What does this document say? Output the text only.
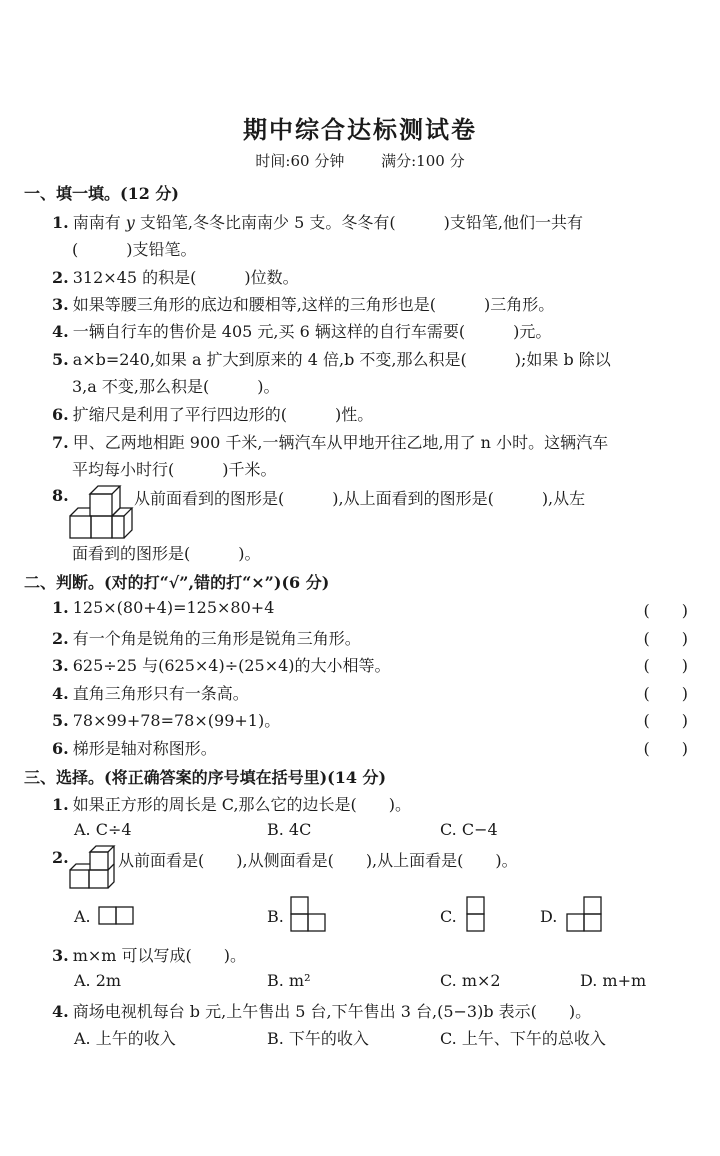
期中综合达标测试卷
时间:60 分钟 满分:100 分
一、填一填。(12 分)
1. 南南有 y 支铅笔,冬冬比南南少 5 支。冬冬有(　　　)支铅笔,他们一共有
(　　　)支铅笔。
2. 312×45 的积是(　　　)位数。
3. 如果等腰三角形的底边和腰相等,这样的三角形也是(　　　)三角形。
4. 一辆自行车的售价是 405 元,买 6 辆这样的自行车需要(　　　)元。
5. a×b=240,如果 a 扩大到原来的 4 倍,b 不变,那么积是(　　　);如果 b 除以
3,a 不变,那么积是(　　　)。
6. 扩缩尺是利用了平行四边形的(　　　)性。
7. 甲、乙两地相距 900 千米,一辆汽车从甲地开往乙地,用了 n 小时。这辆汽车
平均每小时行(　　　)千米。
8.	从前面看到的图形是(　　　),从上面看到的图形是(　　　),从左
面看到的图形是(　　　)。
二、判断。(对的打“√”,错的打“×”)(6 分)
1. 125×(80+4)=125×80+4	(　　)
2. 有一个角是锐角的三角形是锐角三角形。	(　　)
3. 625÷25 与(625×4)÷(25×4)的大小相等。	(　　)
4. 直角三角形只有一条高。	(　　)
5. 78×99+78=78×(99+1)。	(　　)
6. 梯形是轴对称图形。	(　　)
三、选择。(将正确答案的序号填在括号里)(14 分)
1. 如果正方形的周长是 C,那么它的边长是(　　)。
A. C÷4	B. 4C	C. C−4
2.	从前面看是(　　),从侧面看是(　　),从上面看是(　　)。
A.	B.	C.	D.
3. m×m 可以写成(　　)。
A. 2m	B. m²	C. m×2	D. m+m
4. 商场电视机每台 b 元,上午售出 5 台,下午售出 3 台,(5−3)b 表示(　　)。
A. 上午的收入	B. 下午的收入	C. 上午、下午的总收入
